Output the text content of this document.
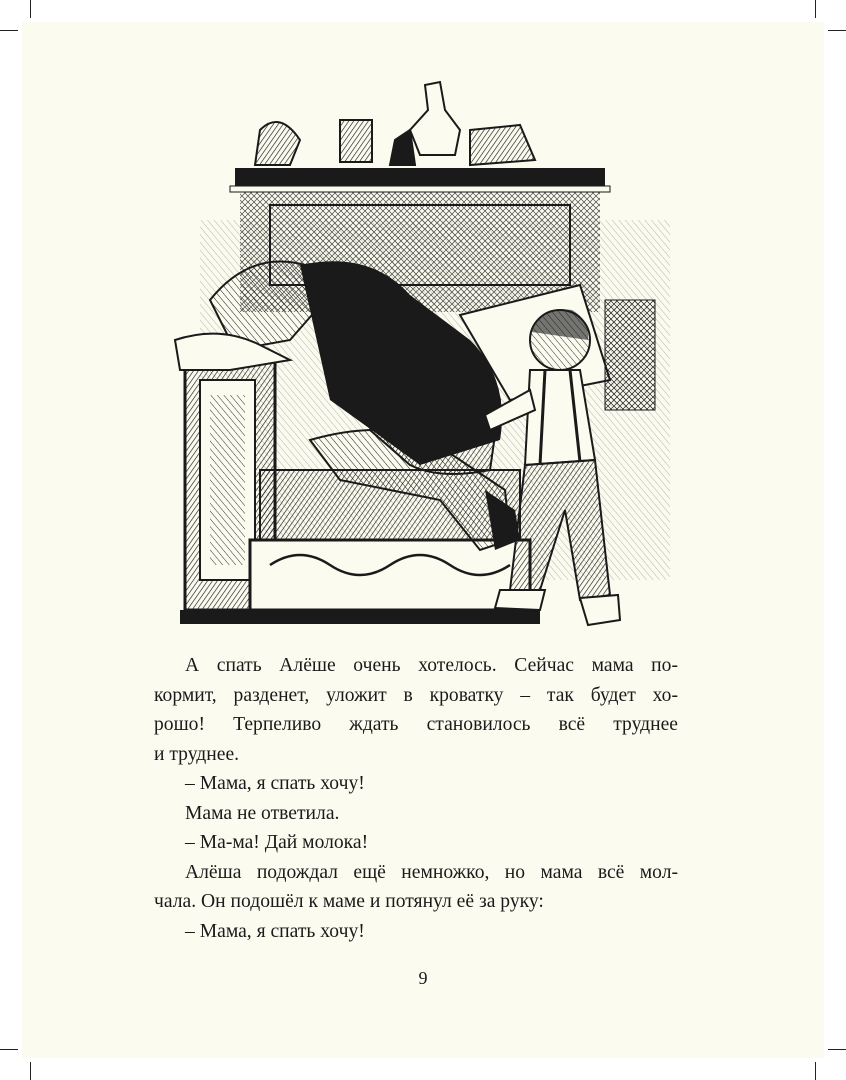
А спать Алёше очень хотелось. Сейчас мама по-
кормит, разденет, уложит в кроватку – так будет хо-
рошо! Терпеливо ждать становилось всё труднее
и труднее.

– Мама, я спать хочу!

Мама не ответила.

– Ма-ма! Дай молока!

Алёша подождал ещё немножко, но мама всё мол-
чала. Он подошёл к маме и потянул её за руку:

– Мама, я спать хочу!

9
